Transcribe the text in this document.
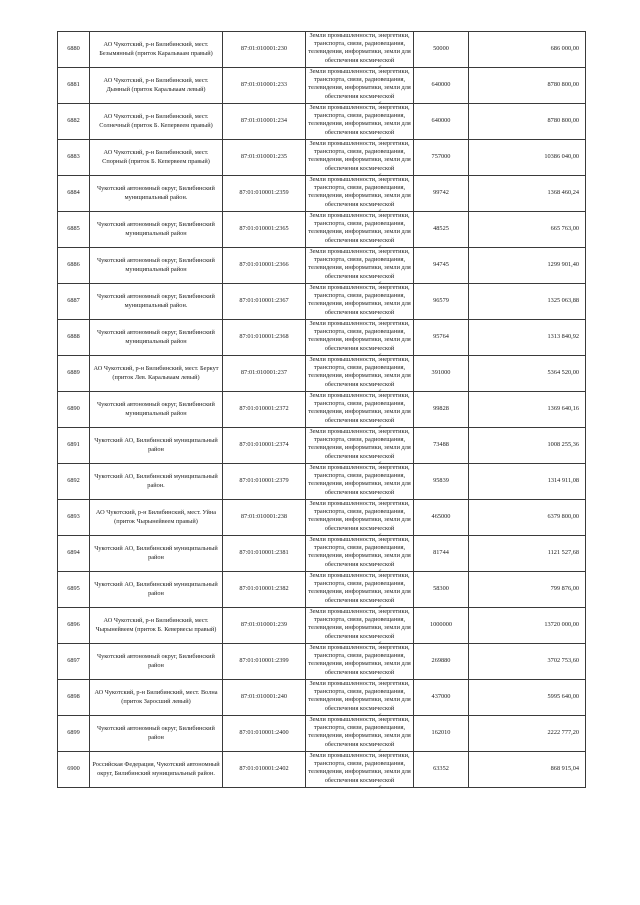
6880	АО Чукотский, р-н Билибинский, мест. Безымянный (приток Каральваам правый)	87:01:010001:230	Земли промышленности, энергетики, транспорта, связи, радиовещания, телевидения, информатики, земли для обеспечения космической	50000	686 000,00
6881	АО Чукотский, р-н Билибинский, мест. Дымный (приток Каральваам левый)	87:01:010001:233	Земли промышленности, энергетики, транспорта, связи, радиовещания, телевидения, информатики, земли для обеспечения космической	640000	8780 800,00
6882	АО Чукотский, р-н Билибинский, мест. Солнечный (приток Б. Кепервеем правый)	87:01:010001:234	Земли промышленности, энергетики, транспорта, связи, радиовещания, телевидения, информатики, земли для обеспечения космической	640000	8780 800,00
6883	АО Чукотский, р-н Билибинский, мест. Спорный (приток Б. Кепервеем правый)	87:01:010001:235	Земли промышленности, энергетики, транспорта, связи, радиовещания, телевидения, информатики, земли для обеспечения космической	757000	10386 040,00
6884	Чукотский автономный округ, Билибинский муниципальный район.	87:01:010001:2359	Земли промышленности, энергетики, транспорта, связи, радиовещания, телевидения, информатики, земли для обеспечения космической	99742	1368 460,24
6885	Чукотский автономный округ, Билибинский муниципальный район	87:01:010001:2365	Земли промышленности, энергетики, транспорта, связи, радиовещания, телевидения, информатики, земли для обеспечения космической	48525	665 763,00
6886	Чукотский автономный округ, Билибинский муниципальный район	87:01:010001:2366	Земли промышленности, энергетики, транспорта, связи, радиовещания, телевидения, информатики, земли для обеспечения космической	94745	1299 901,40
6887	Чукотский автономный округ, Билибинский муниципальный район.	87:01:010001:2367	Земли промышленности, энергетики, транспорта, связи, радиовещания, телевидения, информатики, земли для обеспечения космической	96579	1325 063,88
6888	Чукотский автономный округ, Билибинский муниципальный район	87:01:010001:2368	Земли промышленности, энергетики, транспорта, связи, радиовещания, телевидения, информатики, земли для обеспечения космической	95764	1313 840,92
6889	АО Чукотский, р-н Билибинский, мест. Беркут (приток Лев. Каральваам левый)	87:01:010001:237	Земли промышленности, энергетики, транспорта, связи, радиовещания, телевидения, информатики, земли для обеспечения космической	391000	5364 520,00
6890	Чукотский автономный округ, Билибинский муниципальный район	87:01:010001:2372	Земли промышленности, энергетики, транспорта, связи, радиовещания, телевидения, информатики, земли для обеспечения космической	99828	1369 640,16
6891	Чукотский АО, Билибинский муниципальный район	87:01:010001:2374	Земли промышленности, энергетики, транспорта, связи, радиовещания, телевидения, информатики, земли для обеспечения космической	73488	1008 255,36
6892	Чукотский АО, Билибинский муниципальный район.	87:01:010001:2379	Земли промышленности, энергетики, транспорта, связи, радиовещания, телевидения, информатики, земли для обеспечения космической	95839	1314 911,08
6893	АО Чукотский, р-н Билибинский, мест. Уйна (приток Чырынейвеем правый)	87:01:010001:238	Земли промышленности, энергетики, транспорта, связи, радиовещания, телевидения, информатики, земли для обеспечения космической	465000	6379 800,00
6894	Чукотский АО, Билибинский муниципальный район	87:01:010001:2381	Земли промышленности, энергетики, транспорта, связи, радиовещания, телевидения, информатики, земли для обеспечения космической	81744	1121 527,68
6895	Чукотский АО, Билибинский муниципальный район	87:01:010001:2382	Земли промышленности, энергетики, транспорта, связи, радиовещания, телевидения, информатики, земли для обеспечения космической	58300	799 876,00
6896	АО Чукотский, р-н Билибинский, мест. Чырынейвеем (приток Б. Кевервесы правый)	87:01:010001:239	Земли промышленности, энергетики, транспорта, связи, радиовещания, телевидения, информатики, земли для обеспечения космической	1000000	13720 000,00
6897	Чукотский автономный округ, Билибинский район	87:01:010001:2399	Земли промышленности, энергетики, транспорта, связи, радиовещания, телевидения, информатики, земли для обеспечения космической	269880	3702 753,60
6898	АО Чукотский, р-н Билибинский, мест. Волна (приток Заросший левый)	87:01:010001:240	Земли промышленности, энергетики, транспорта, связи, радиовещания, телевидения, информатики, земли для обеспечения космической	437000	5995 640,00
6899	Чукотский автономный округ, Билибинский район	87:01:010001:2400	Земли промышленности, энергетики, транспорта, связи, радиовещания, телевидения, информатики, земли для обеспечения космической	162010	2222 777,20
6900	Российская Федерация, Чукотский автономный округ, Билибинский муниципальный район.	87:01:010001:2402	Земли промышленности, энергетики, транспорта, связи, радиовещания, телевидения, информатики, земли для обеспечения космической	63352	868 915,04
